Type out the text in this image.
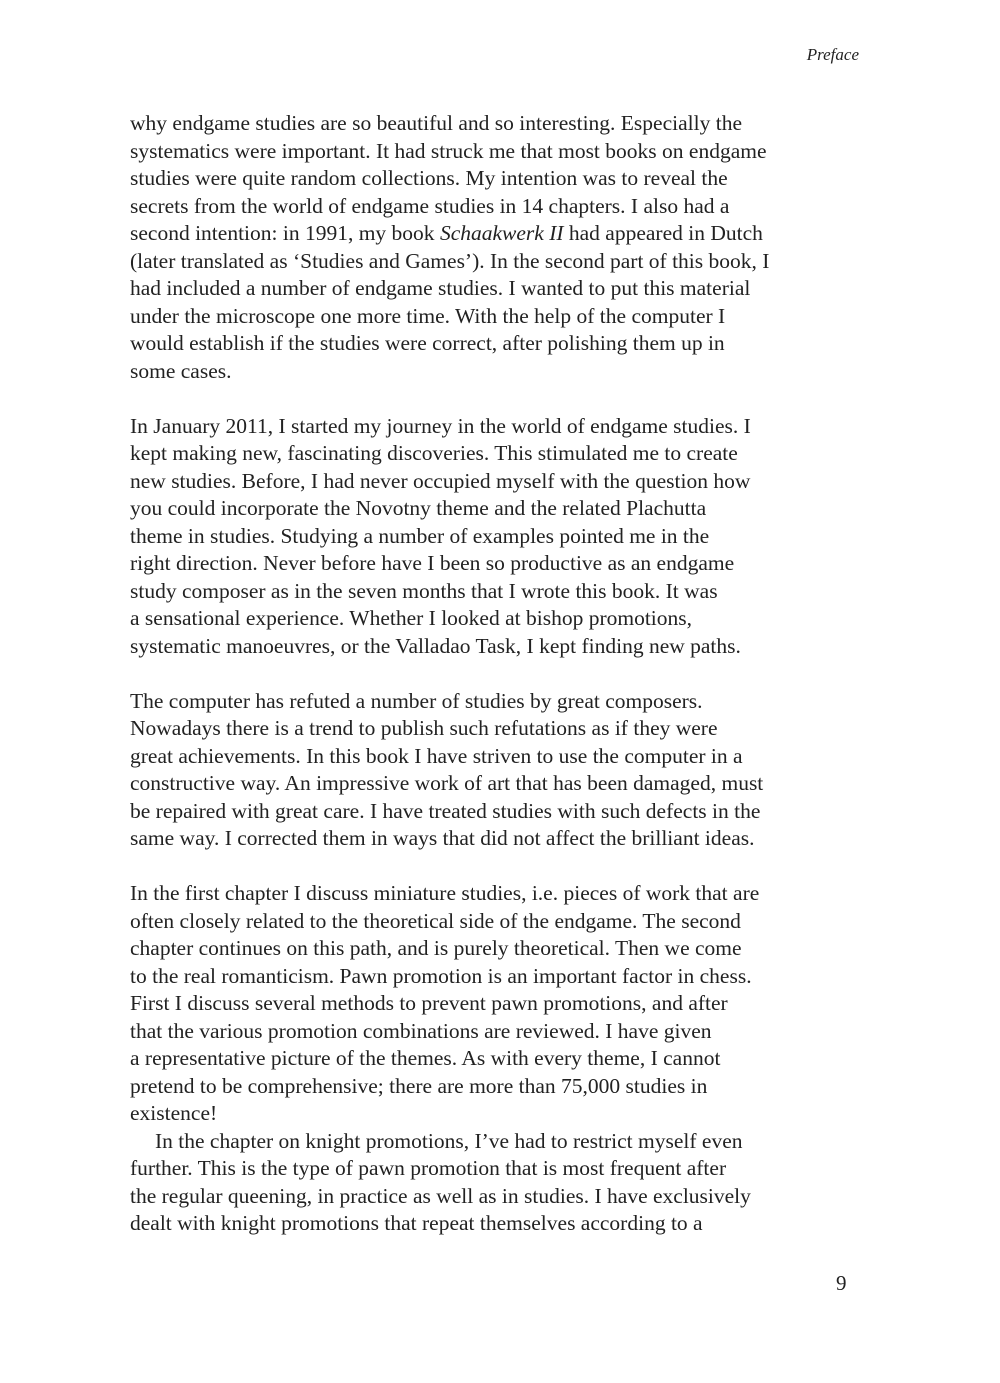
Preface
why endgame studies are so beautiful and so interesting. Especially the
systematics were important. It had struck me that most books on endgame
studies were quite random collections. My intention was to reveal the
secrets from the world of endgame studies in 14 chapters. I also had a
second intention: in 1991, my book Schaakwerk II had appeared in Dutch
(later translated as ‘Studies and Games’). In the second part of this book, I
had included a number of endgame studies. I wanted to put this material
under the microscope one more time. With the help of the computer I
would establish if the studies were correct, after polishing them up in
some cases.
In January 2011, I started my journey in the world of endgame studies. I
kept making new, fascinating discoveries. This stimulated me to create
new studies. Before, I had never occupied myself with the question how
you could incorporate the Novotny theme and the related Plachutta
theme in studies. Studying a number of examples pointed me in the
right direction. Never before have I been so productive as an endgame
study composer as in the seven months that I wrote this book. It was
a sensational experience. Whether I looked at bishop promotions,
systematic manoeuvres, or the Valladao Task, I kept finding new paths.
The computer has refuted a number of studies by great composers.
Nowadays there is a trend to publish such refutations as if they were
great achievements. In this book I have striven to use the computer in a
constructive way. An impressive work of art that has been damaged, must
be repaired with great care. I have treated studies with such defects in the
same way. I corrected them in ways that did not affect the brilliant ideas.
In the first chapter I discuss miniature studies, i.e. pieces of work that are
often closely related to the theoretical side of the endgame. The second
chapter continues on this path, and is purely theoretical. Then we come
to the real romanticism. Pawn promotion is an important factor in chess.
First I discuss several methods to prevent pawn promotions, and after
that the various promotion combinations are reviewed. I have given
a representative picture of the themes. As with every theme, I cannot
pretend to be comprehensive; there are more than 75,000 studies in
existence!
In the chapter on knight promotions, I’ve had to restrict myself even
further. This is the type of pawn promotion that is most frequent after
the regular queening, in practice as well as in studies. I have exclusively
dealt with knight promotions that repeat themselves according to a
9
